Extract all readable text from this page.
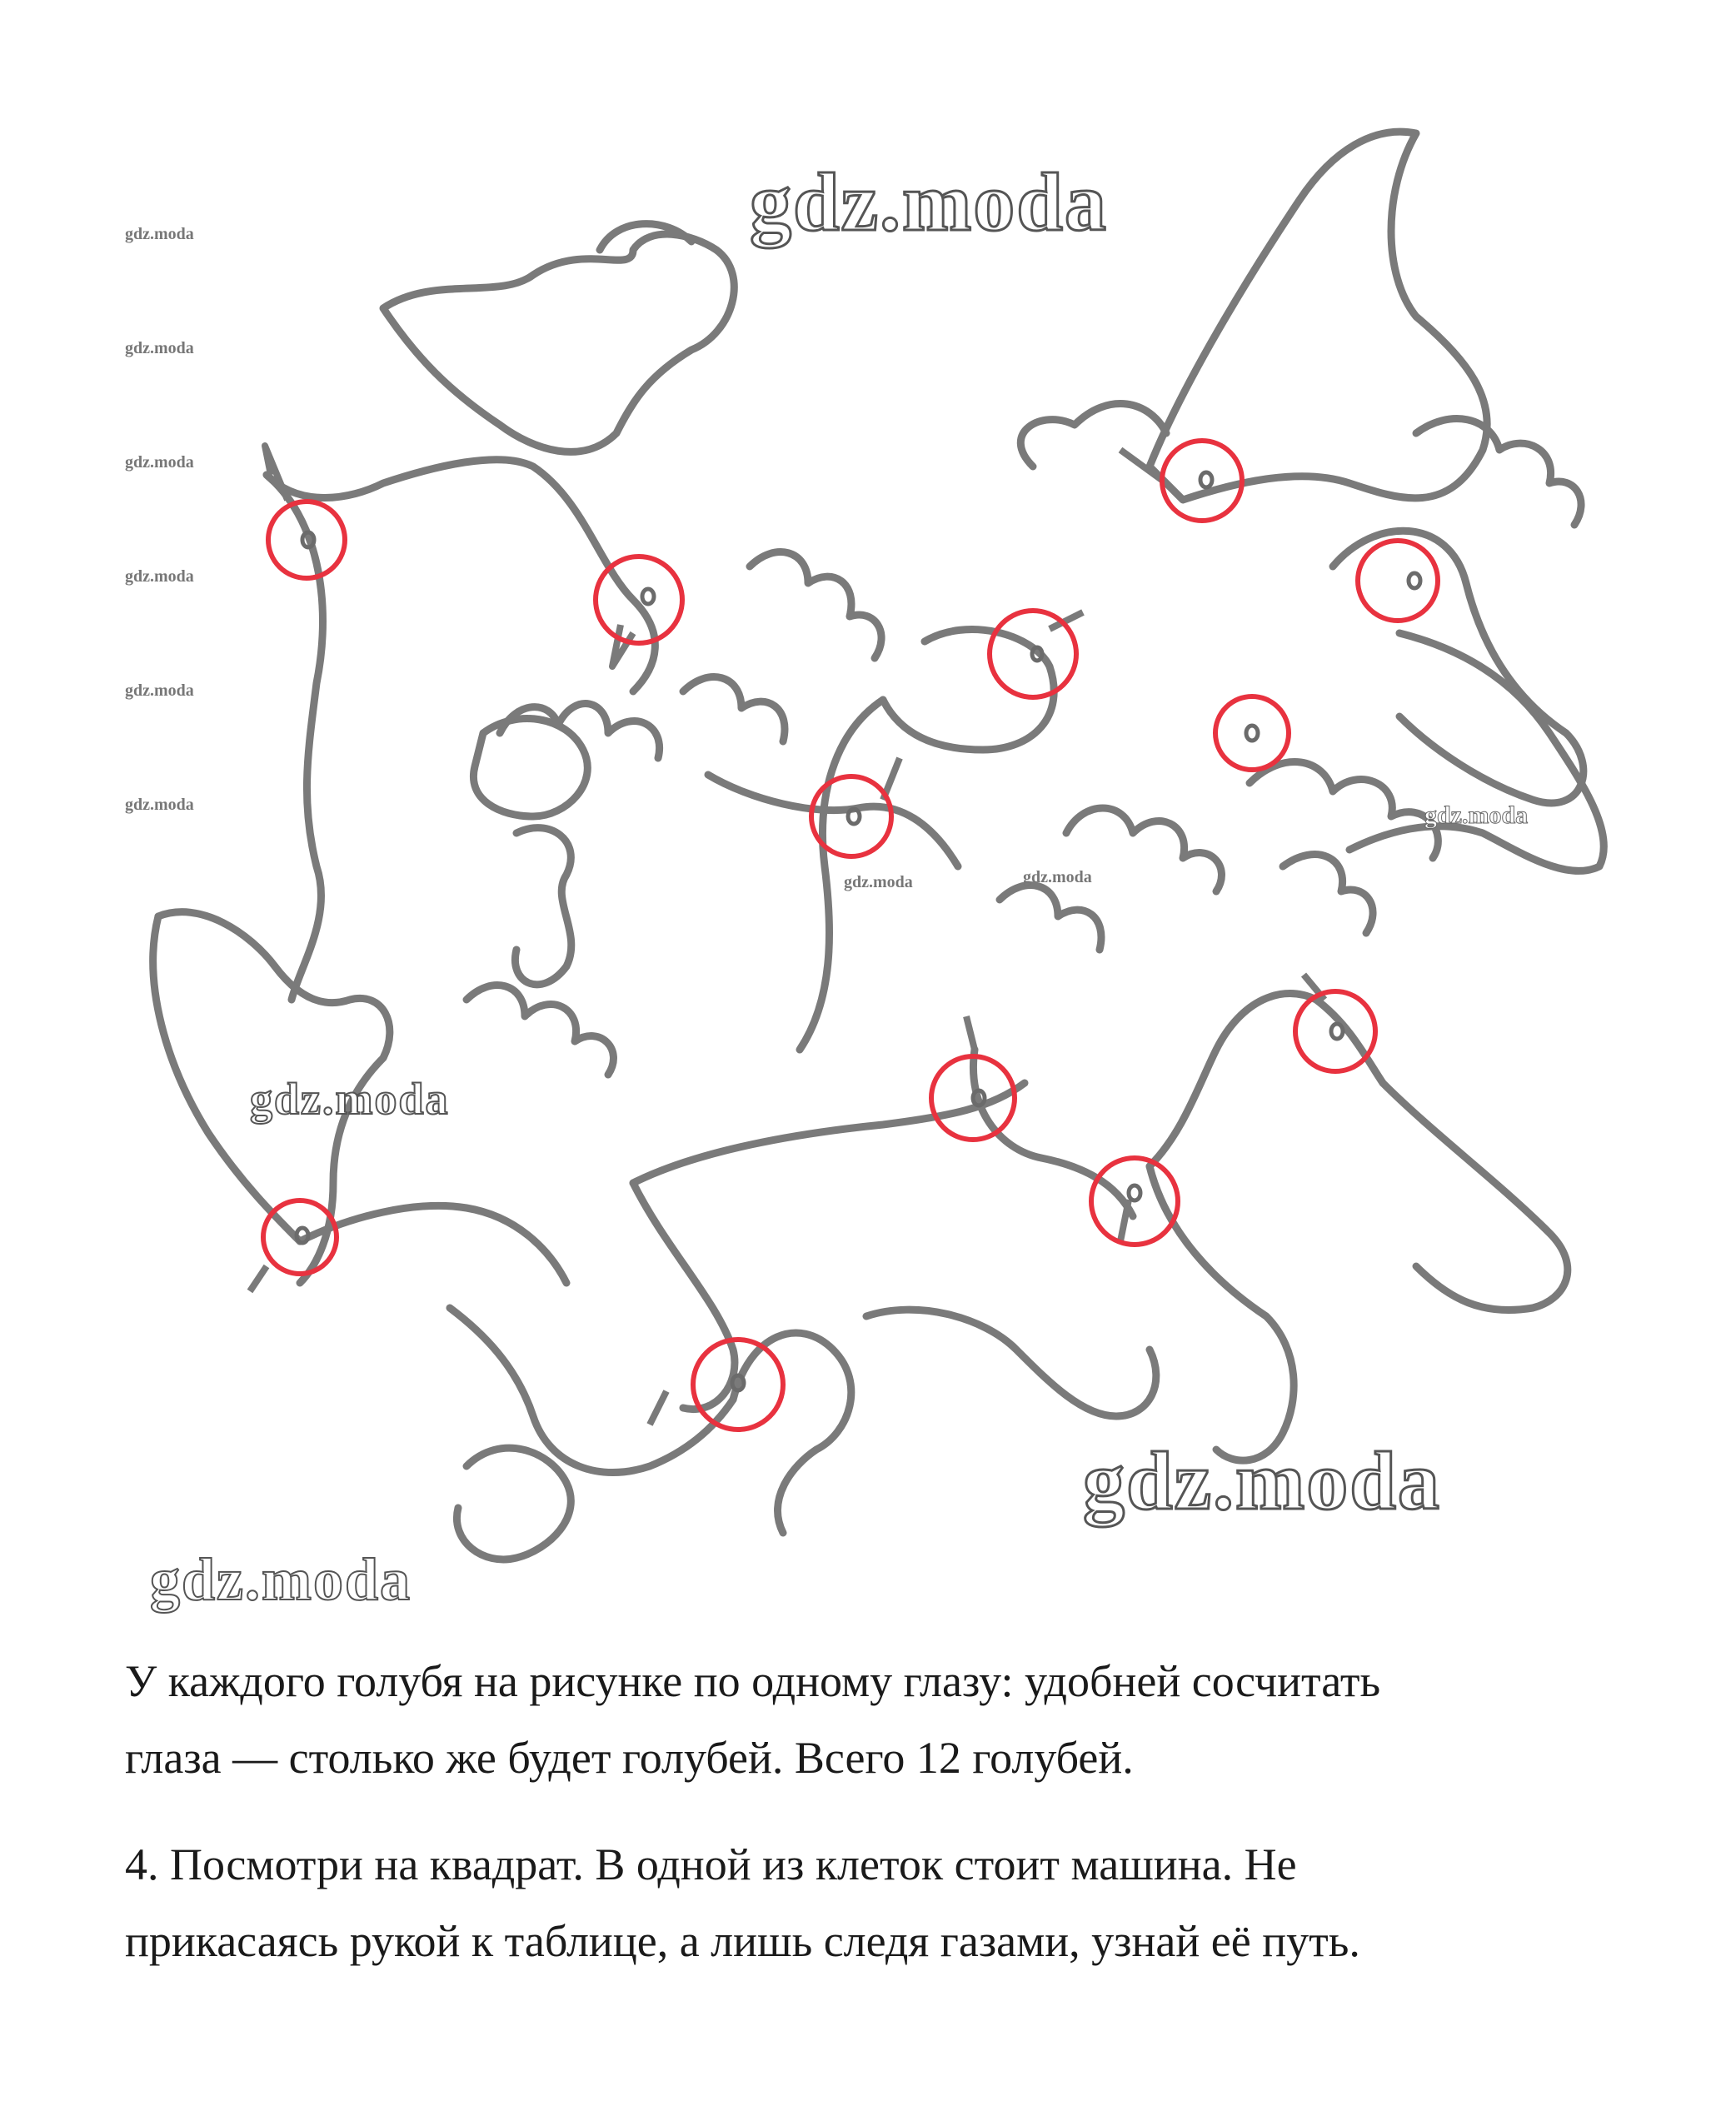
gdz.moda
gdz.moda
gdz.moda
gdz.moda
gdz.moda
gdz.moda
gdz.moda
gdz.moda
gdz.moda
gdz.moda	gdz.moda
gdz.moda	gdz.moda

У каждого голубя на рисунке по одному глазу: удобней сосчитать
глаза — столько же будет голубей. Всего 12 голубей.

4. Посмотри на квадрат. В одной из клеток стоит машина. Не
прикасаясь рукой к таблице, а лишь следя газами, узнай её путь.
